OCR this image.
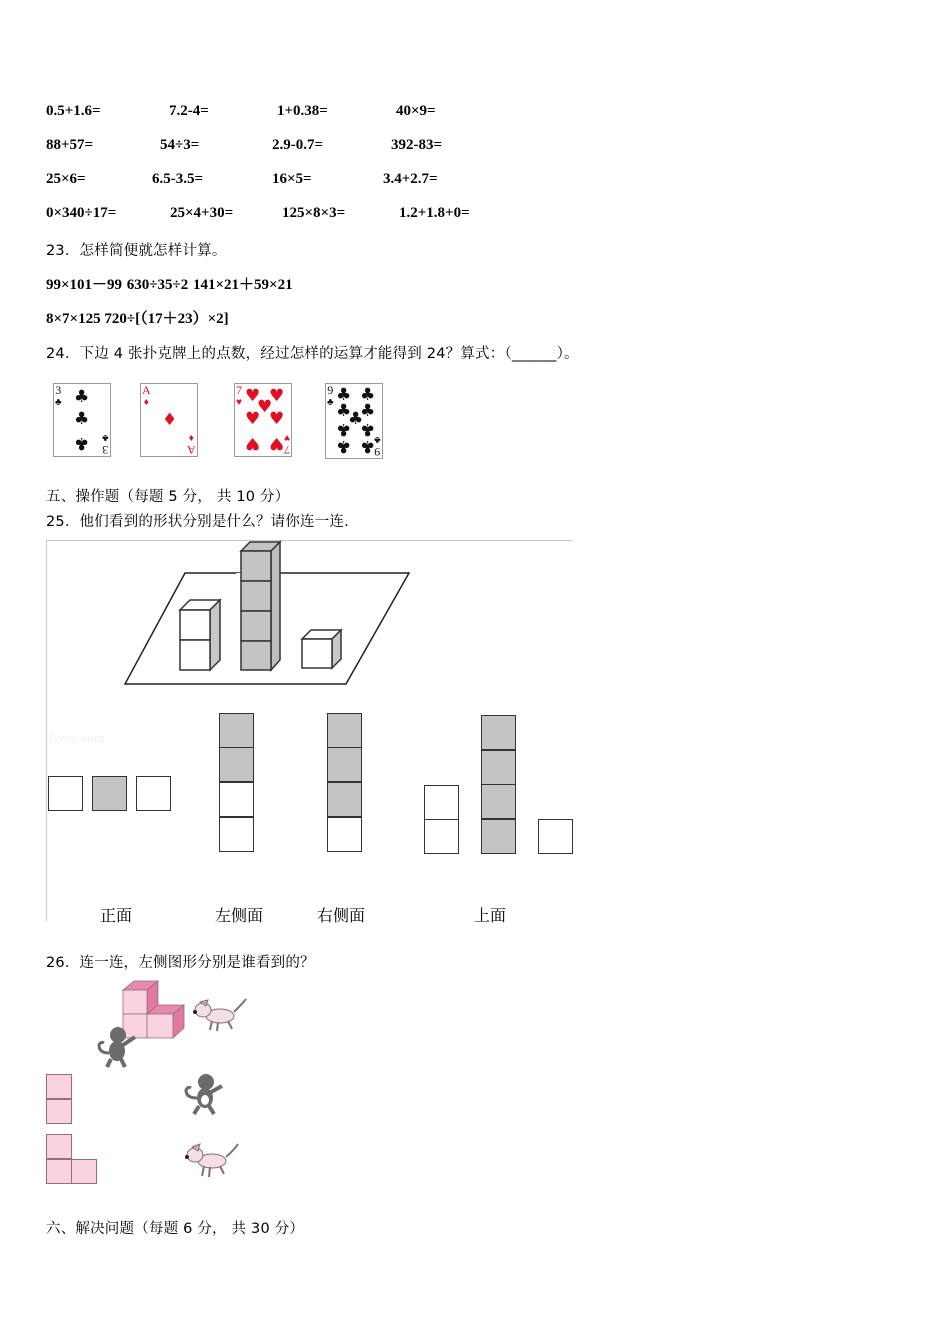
0.5+1.6=	7.2-4=	1+0.38=	40×9=
88+57=	54÷3=	2.9-0.7=	392-83=
25×6=	6.5-3.5=	16×5=	3.4+2.7=
0×340÷17=	25×4+30=	125×8×3=	1.2+1.8+0=
23．怎样简便就怎样计算。
99×101－99 630÷35÷2 141×21＋59×21
8×7×125 720÷[（17＋23）×2]
24．下边 4 张扑克牌上的点数，经过怎样的运算才能得到 24？算式：（______）。
3
♣ ♣
♣
♣ 3
♣
A
♦
♦
A
♦
7
♥ ♥ ♥
♥
♥ ♥
♥ ♥ 7
♥
9
♣ ♣ ♣
♣ ♣
♣
♣ ♣
♣ ♣ 9
♣
五、操作题（每题 5 分， 共 10 分）
25．他们看到的形状分别是什么？请你连一连.
Jyeoo.com
正面	左侧面	右侧面	上面
26．连一连，左侧图形分别是谁看到的？
六、解决问题（每题 6 分， 共 30 分）
